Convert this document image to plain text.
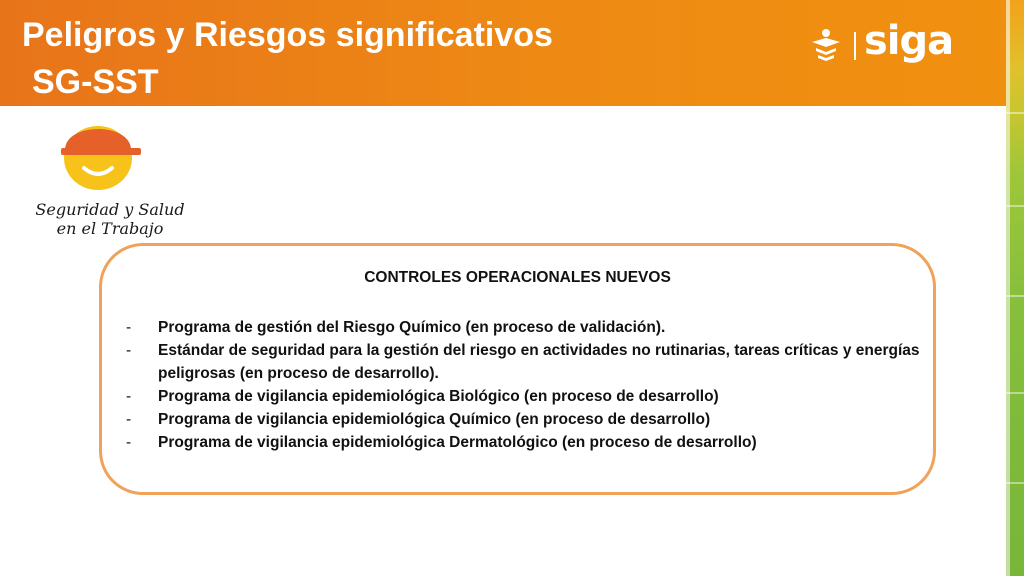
Peligros y Riesgos significativos
SG-SST
siga
Seguridad y Salud
en el Trabajo
CONTROLES OPERACIONALES NUEVOS
- Programa de gestión del Riesgo Químico (en proceso de validación).
- Estándar de seguridad para la gestión del riesgo en actividades no rutinarias, tareas críticas y energías peligrosas (en proceso de desarrollo).
- Programa de vigilancia epidemiológica Biológico (en proceso de desarrollo)
- Programa de vigilancia epidemiológica Químico (en proceso de desarrollo)
- Programa de vigilancia epidemiológica Dermatológico (en proceso de desarrollo)
